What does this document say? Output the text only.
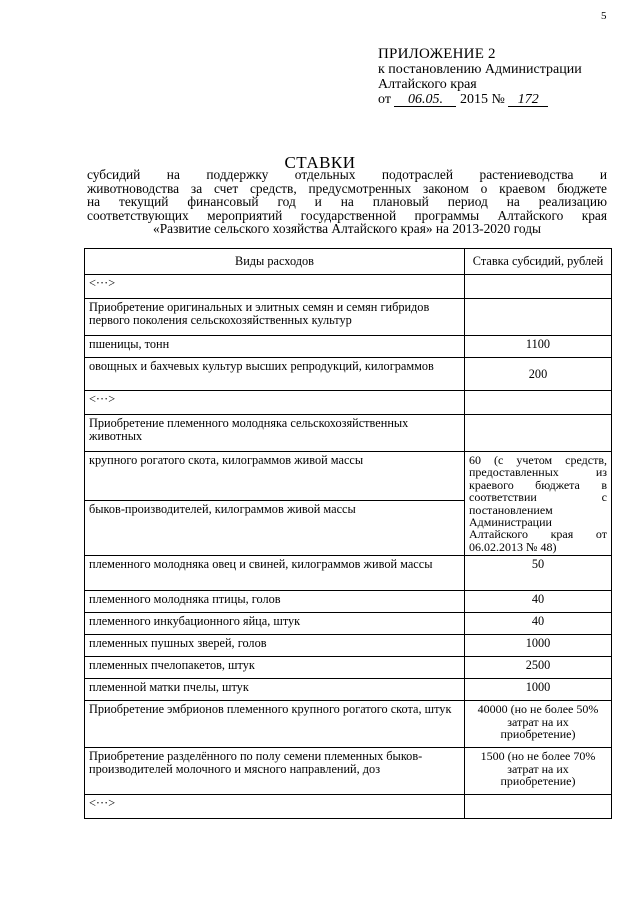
5
ПРИЛОЖЕНИЕ 2
к постановлению Администрации
Алтайского края
от 06.05. 2015 № 172
СТАВКИ
субсидий на поддержку отдельных подотраслей растениеводства и
животноводства за счет средств, предусмотренных законом о краевом бюджете
на текущий финансовый год и на плановый период на реализацию
соответствующих мероприятий государственной программы Алтайского края
«Развитие сельского хозяйства Алтайского края» на 2013-2020 годы
Виды расходов	Ставка субсидий, рублей
<···>	
Приобретение оригинальных и элитных семян и семян гибридов первого поколения сельскохозяйственных культур	
пшеницы, тонн	1100
овощных и бахчевых культур высших репродукций, килограммов	200
<···>	
Приобретение племенного молодняка сельскохозяйственных животных	
крупного рогатого скота, килограммов живой массы	60 (с учетом средств, предоставленных из краевого бюджета в соответствии с постановлением Администрации Алтайского края от 06.02.2013 № 48)
быков-производителей, килограммов живой массы	
племенного молодняка овец и свиней, килограммов живой массы	50
племенного молодняка птицы, голов	40
племенного инкубационного яйца, штук	40
племенных пушных зверей, голов	1000
племенных пчелопакетов, штук	2500
племенной матки пчелы, штук	1000
Приобретение эмбрионов племенного крупного рогатого скота, штук	40000 (но не более 50% затрат на их приобретение)
Приобретение разделённого по полу семени племенных быков-производителей молочного и мясного направлений, доз	1500 (но не более 70% затрат на их приобретение)
<···>	
